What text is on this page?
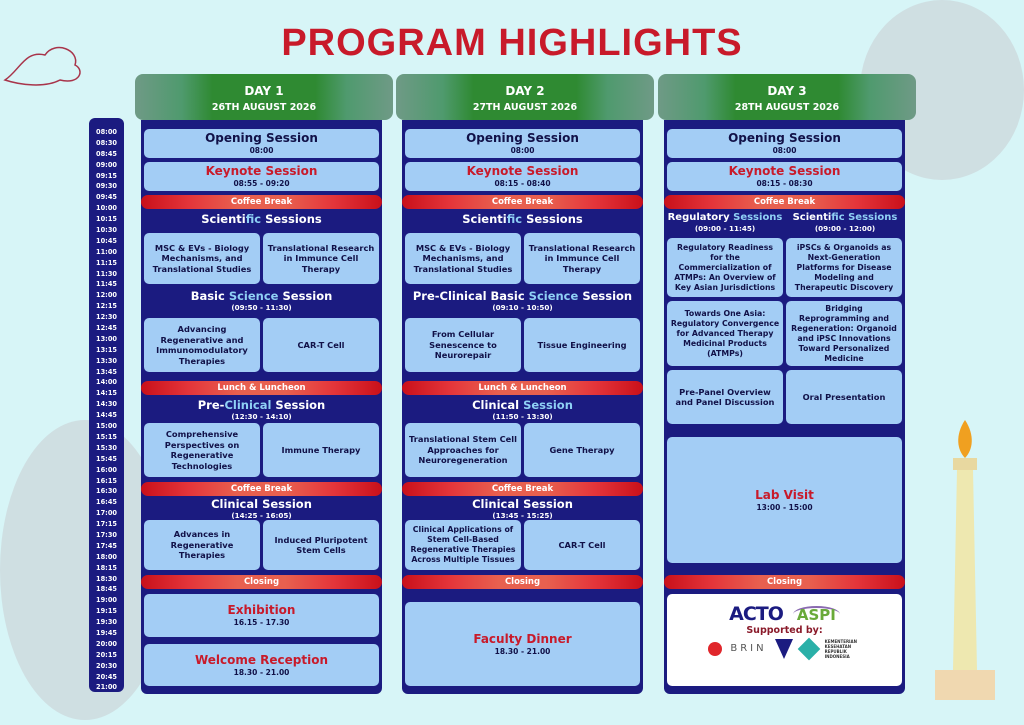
PROGRAM HIGHLIGHTS
08:00
08:30
08:45
09:00
09:15
09:30
09:45
10:00
10:15
10:30
10:45
11:00
11:15
11:30
11:45
12:00
12:15
12:30
12:45
13:00
13:15
13:30
13:45
14:00
14:15
14:30
14:45
15:00
15:15
15:30
15:45
16:00
16:15
16:30
16:45
17:00
17:15
17:30
17:45
18:00
18:15
18:30
18:45
19:00
19:15
19:30
19:45
20:00
20:15
20:30
20:45
21:00
DAY 1
26TH AUGUST 2026
DAY 2
27TH AUGUST 2026
DAY 3
28TH AUGUST 2026
Opening Session
08:00
Keynote Session
08:55 - 09:20
Coffee Break
Scientific Sessions
MSC & EVs - Biology Mechanisms, and Translational Studies
Translational Research in Immunce Cell Therapy
Basic Science Session
(09:50 - 11:30)
Advancing Regenerative and Immunomodulatory Therapies
CAR-T Cell
Lunch & Luncheon
Pre-Clinical Session
(12:30 - 14:10)
Comprehensive Perspectives on Regenerative Technologies
Immune Therapy
Coffee Break
Clinical Session
(14:25 - 16:05)
Advances in Regenerative Therapies
Induced Pluripotent Stem Cells
Closing
Exhibition
16.15 - 17.30
Welcome Reception
18.30 - 21.00
Opening Session
08:00
Keynote Session
08:15 - 08:40
Coffee Break
Scientific Sessions
MSC & EVs - Biology Mechanisms, and Translational Studies
Translational Research in Immunce Cell Therapy
Pre-Clinical Basic Science Session
(09:10 - 10:50)
From Cellular Senescence to Neurorepair
Tissue Engineering
Lunch & Luncheon
Clinical Session
(11:50 - 13:30)
Translational Stem Cell Approaches for Neuroregeneration
Gene Therapy
Coffee Break
Clinical Session
(13:45 - 15:25)
Clinical Applications of Stem Cell-Based Regenerative Therapies Across Multiple Tissues
CAR-T Cell
Closing
Faculty Dinner
18.30 - 21.00
Opening Session
08:00
Keynote Session
08:15 - 08:30
Coffee Break
Regulatory Sessions
(09:00 - 11:45)
Scientific Sessions
(09:00 - 12:00)
Regulatory Readiness for the Commercialization of ATMPs: An Overview of Key Asian Jurisdictions
iPSCs & Organoids as Next-Generation Platforms for Disease Modeling and Therapeutic Discovery
Towards One Asia: Regulatory Convergence for Advanced Therapy Medicinal Products (ATMPs)
Bridging Reprogramming and Regeneration: Organoid and iPSC Innovations Toward Personalized Medicine
Pre-Panel Overview and Panel Discussion
Oral Presentation
Lab Visit
13:00 - 15:00
Closing
ACTO ASPI
Supported by:
BRIN
KEMENTERIAN KESEHATAN REPUBLIK INDONESIA
